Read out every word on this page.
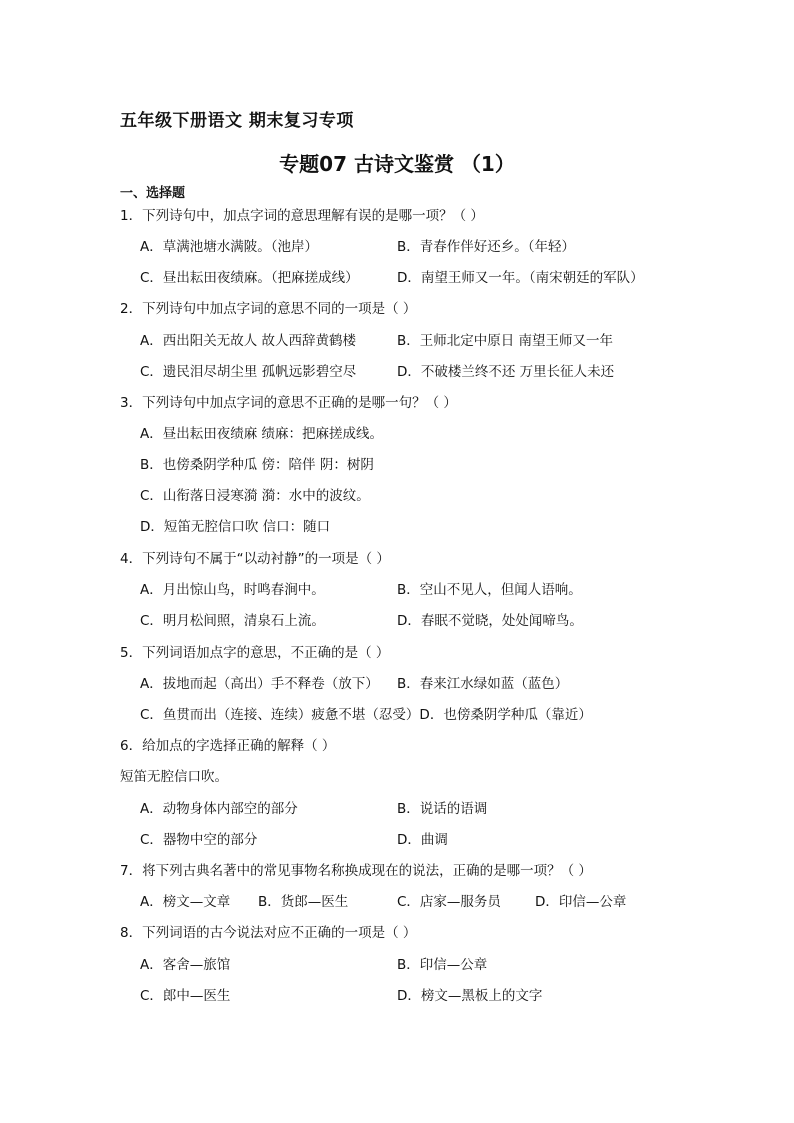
五年级下册语文 期末复习专项
专题07 古诗文鉴赏 （1）
一、选择题
1．下列诗句中，加点字词的意思理解有误的是哪一项？（ ）
A．草满池塘水满陂。（池岸）	B．青春作伴好还乡。（年轻）
C．昼出耘田夜绩麻。（把麻搓成线）	D．南望王师又一年。（南宋朝廷的军队）
2．下列诗句中加点字词的意思不同的一项是（ ）
A．西出阳关无故人 故人西辞黄鹤楼	B．王师北定中原日 南望王师又一年
C．遗民泪尽胡尘里 孤帆远影碧空尽	D．不破楼兰终不还 万里长征人未还
3．下列诗句中加点字词的意思不正确的是哪一句？（ ）
A．昼出耘田夜绩麻 绩麻：把麻搓成线。
B．也傍桑阴学种瓜 傍：陪伴 阴：树阴
C．山衔落日浸寒漪 漪：水中的波纹。
D．短笛无腔信口吹 信口：随口
4．下列诗句不属于“以动衬静”的一项是（ ）
A．月出惊山鸟，时鸣春涧中。	B．空山不见人，但闻人语响。
C．明月松间照，清泉石上流。	D．春眠不觉晓，处处闻啼鸟。
5．下列词语加点字的意思，不正确的是（ ）
A．拔地而起（高出）手不释卷（放下） B．春来江水绿如蓝（蓝色）
C．鱼贯而出（连接、连续）疲惫不堪（忍受）D．也傍桑阴学种瓜（靠近）
6．给加点的字选择正确的解释（ ）
短笛无腔信口吹。
A．动物身体内部空的部分	B．说话的语调
C．器物中空的部分	D．曲调
7．将下列古典名著中的常见事物名称换成现在的说法，正确的是哪一项？（ ）
A．榜文—文章 B．货郎—医生	C．店家—服务员	D．印信—公章
8．下列词语的古今说法对应不正确的一项是（ ）
A．客舍—旅馆	B．印信—公章
C．郎中—医生	D．榜文—黑板上的文字
